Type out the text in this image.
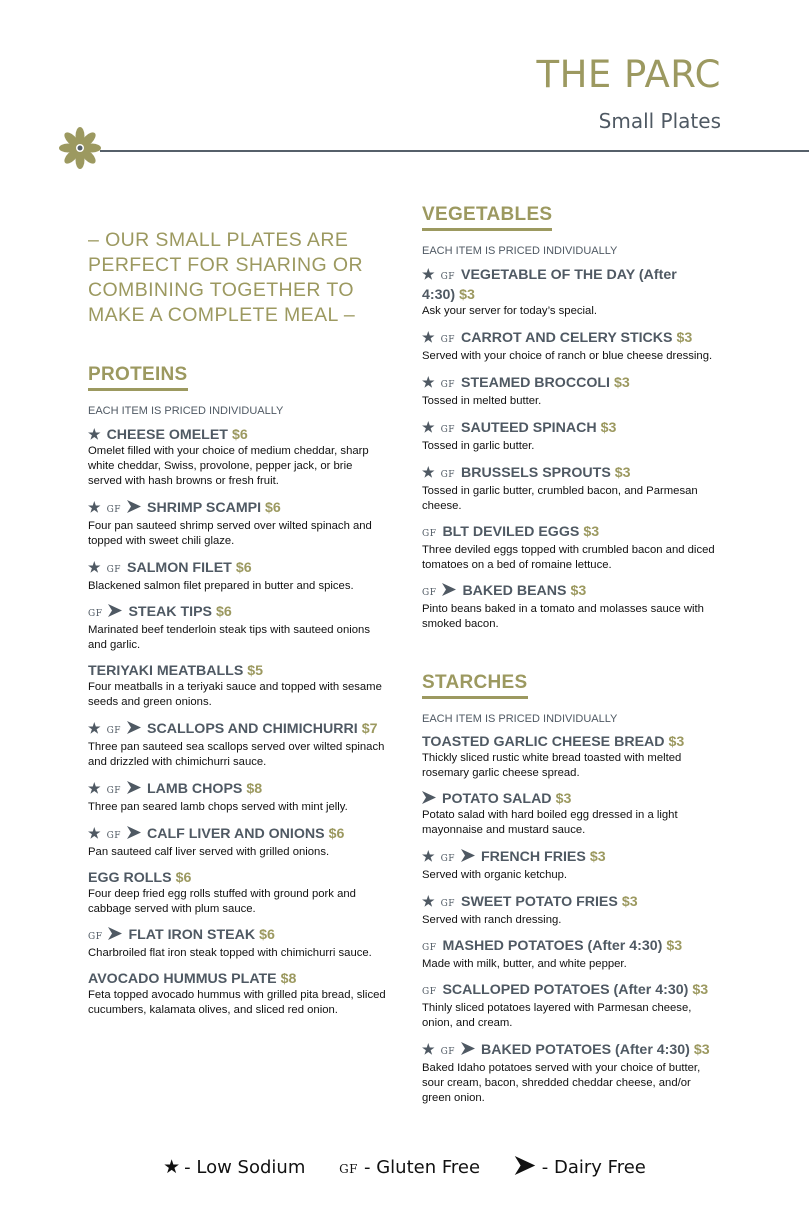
THE PARC
Small Plates
– OUR SMALL PLATES ARE PERFECT FOR SHARING OR COMBINING TOGETHER TO MAKE A COMPLETE MEAL –
PROTEINS
EACH ITEM IS PRICED INDIVIDUALLY
★ CHEESE OMELET $6
Omelet filled with your choice of medium cheddar, sharp white cheddar, Swiss, provolone, pepper jack, or brie served with hash browns or fresh fruit.
★ GF SHRIMP SCAMPI $6
Four pan sauteed shrimp served over wilted spinach and topped with sweet chili glaze.
★ GF SALMON FILET $6
Blackened salmon filet prepared in butter and spices.
GF STEAK TIPS $6
Marinated beef tenderloin steak tips with sauteed onions and garlic.
TERIYAKI MEATBALLS $5
Four meatballs in a teriyaki sauce and topped with sesame seeds and green onions.
★ GF SCALLOPS AND CHIMICHURRI $7
Three pan sauteed sea scallops served over wilted spinach and drizzled with chimichurri sauce.
★ GF LAMB CHOPS $8
Three pan seared lamb chops served with mint jelly.
★ GF CALF LIVER AND ONIONS $6
Pan sauteed calf liver served with grilled onions.
EGG ROLLS $6
Four deep fried egg rolls stuffed with ground pork and cabbage served with plum sauce.
GF FLAT IRON STEAK $6
Charbroiled flat iron steak topped with chimichurri sauce.
AVOCADO HUMMUS PLATE $8
Feta topped avocado hummus with grilled pita bread, sliced cucumbers, kalamata olives, and sliced red onion.
VEGETABLES
EACH ITEM IS PRICED INDIVIDUALLY
★ GF VEGETABLE OF THE DAY (After 4:30) $3
Ask your server for today’s special.
★ GF CARROT AND CELERY STICKS $3
Served with your choice of ranch or blue cheese dressing.
★ GF STEAMED BROCCOLI $3
Tossed in melted butter.
★ GF SAUTEED SPINACH $3
Tossed in garlic butter.
★ GF BRUSSELS SPROUTS $3
Tossed in garlic butter, crumbled bacon, and Parmesan cheese.
GF BLT DEVILED EGGS $3
Three deviled eggs topped with crumbled bacon and diced tomatoes on a bed of romaine lettuce.
GF BAKED BEANS $3
Pinto beans baked in a tomato and molasses sauce with smoked bacon.
STARCHES
EACH ITEM IS PRICED INDIVIDUALLY
TOASTED GARLIC CHEESE BREAD $3
Thickly sliced rustic white bread toasted with melted rosemary garlic cheese spread.
POTATO SALAD $3
Potato salad with hard boiled egg dressed in a light mayonnaise and mustard sauce.
★ GF FRENCH FRIES $3
Served with organic ketchup.
★ GF SWEET POTATO FRIES $3
Served with ranch dressing.
GF MASHED POTATOES (After 4:30) $3
Made with milk, butter, and white pepper.
GF SCALLOPED POTATOES (After 4:30) $3
Thinly sliced potatoes layered with Parmesan cheese, onion, and cream.
★ GF BAKED POTATOES (After 4:30) $3
Baked Idaho potatoes served with your choice of butter, sour cream, bacon, shredded cheddar cheese, and/or green onion.
★ - Low Sodium	GF - Gluten Free	- Dairy Free
